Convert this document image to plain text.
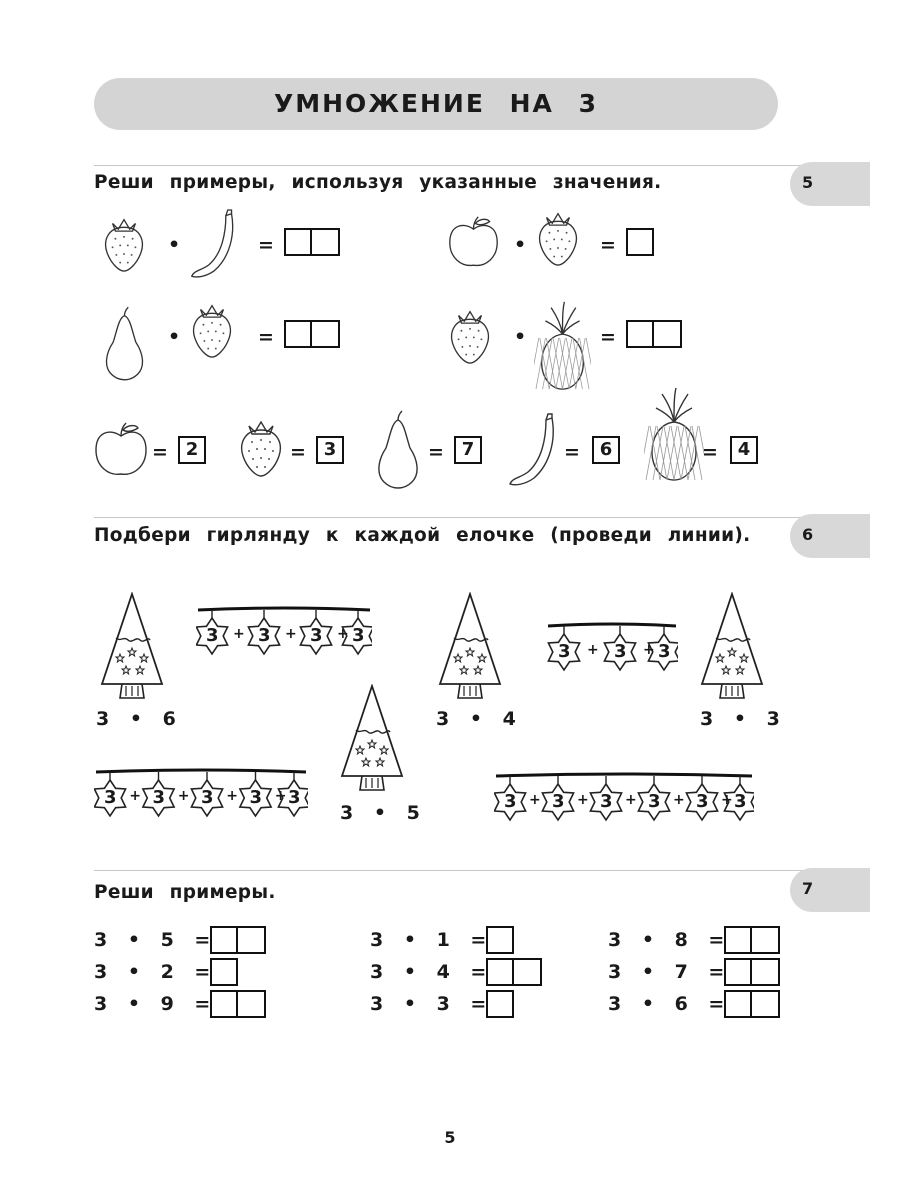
УМНОЖЕНИЕ НА 3
5
Реши примеры, используя указанные значения.
•	=	•	=
•	=	•	=
= 2	= 3	= 7	=	6	=	4
6
Подбери гирлянду к каждой елочке (проведи линии).
3 • 6	3 • 4	3 • 3
3 • 5
3 + 3 + 3 + 3
3 + 3 + 3
3 + 3 + 3 + 3 + 3	3 + 3 + 3 + 3 + 3 + 3
7
Реши примеры.
3 • 5 =
3 • 2 =
3 • 9 =
3 • 1 =
3 • 4 =
3 • 3 =
3 • 8 =
3 • 7 =
3 • 6 =
5
